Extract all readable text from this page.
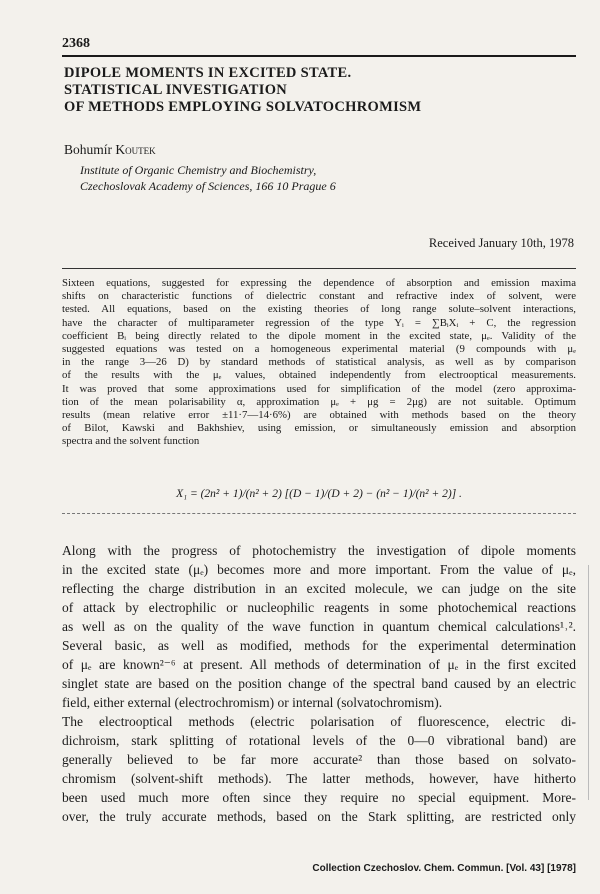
2368
DIPOLE MOMENTS IN EXCITED STATE.
STATISTICAL INVESTIGATION
OF METHODS EMPLOYING SOLVATOCHROMISM
Bohumír Koutek
Institute of Organic Chemistry and Biochemistry,
Czechoslovak Academy of Sciences, 166 10 Prague 6
Received January 10th, 1978
Sixteen equations, suggested for expressing the dependence of absorption and emission maxima
shifts on characteristic functions of dielectric constant and refractive index of solvent, were
tested. All equations, based on the existing theories of long range solute–solvent interactions,
have the character of multiparameter regression of the type Yᵢ = ∑BᵢXᵢ + C, the regression
coefficient Bᵢ being directly related to the dipole moment in the excited state, μₑ. Validity of the
suggested equations was tested on a homogeneous experimental material (9 compounds with μₑ
in the range 3—26 D) by standard methods of statistical analysis, as well as by comparison
of the results with the μₑ values, obtained independently from electrooptical measurements.
It was proved that some approximations used for simplification of the model (zero approxima-
tion of the mean polarisability α, approximation μₑ + μg = 2μg) are not suitable. Optimum
results (mean relative error ±11·7—14·6%) are obtained with methods based on the theory
of Bilot, Kawski and Bakhshiev, using emission, or simultaneously emission and absorption
spectra and the solvent function
X₁ = (2n² + 1)/(n² + 2) [(D − 1)/(D + 2) − (n² − 1)/(n² + 2)] .
Along with the progress of photochemistry the investigation of dipole moments
in the excited state (μₑ) becomes more and more important. From the value of μₑ,
reflecting the charge distribution in an excited molecule, we can judge on the site
of attack by electrophilic or nucleophilic reagents in some photochemical reactions
as well as on the quality of the wave function in quantum chemical calculations¹˒².
Several basic, as well as modified, methods for the experimental determination
of μₑ are known²⁻⁶ at present. All methods of determination of μₑ in the first excited
singlet state are based on the position change of the spectral band caused by an electric
field, either external (electrochromism) or internal (solvatochromism).
The electrooptical methods (electric polarisation of fluorescence, electric di-
dichroism, stark splitting of rotational levels of the 0—0 vibrational band) are
generally believed to be far more accurate² than those based on solvato-
chromism (solvent-shift methods). The latter methods, however, have hitherto
been used much more often since they require no special equipment. More-
over, the truly accurate methods, based on the Stark splitting, are restricted only
Collection Czechoslov. Chem. Commun. [Vol. 43] [1978]
